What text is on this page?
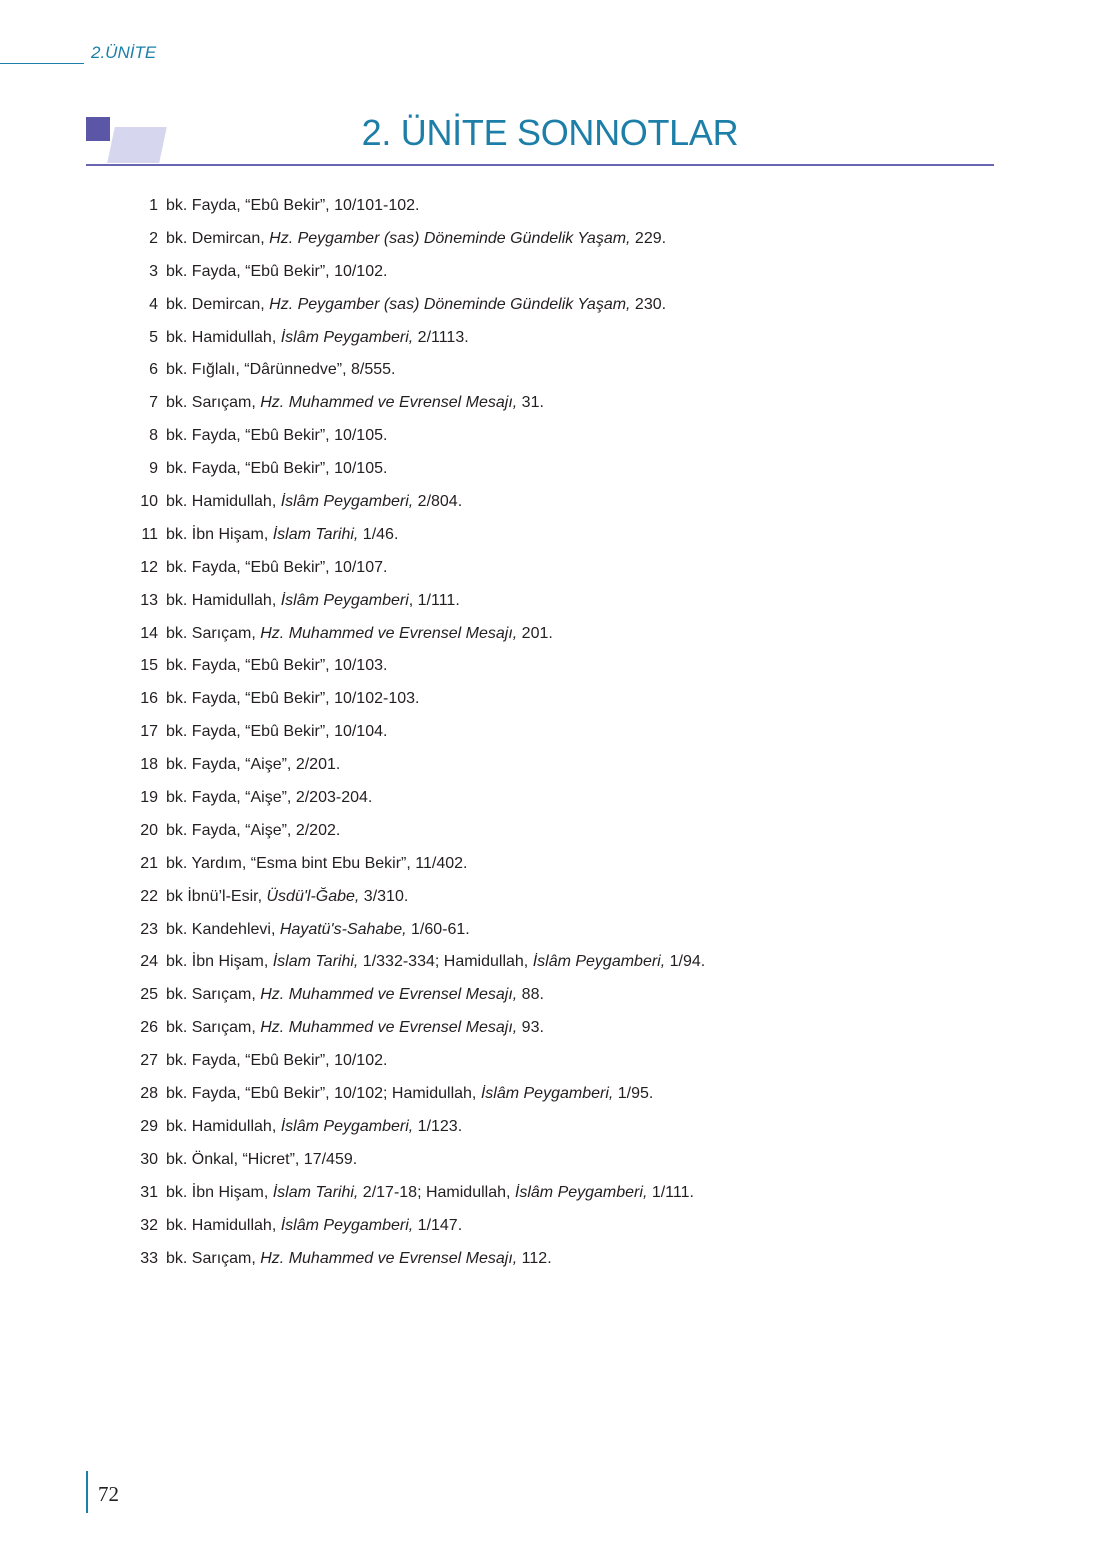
2.ÜNİTE
2. ÜNİTE SONNOTLAR
1 bk. Fayda, “Ebû Bekir”, 10/101-102.
2 bk. Demircan, Hz. Peygamber (sas) Döneminde Gündelik Yaşam, 229.
3 bk. Fayda, “Ebû Bekir”, 10/102.
4 bk. Demircan, Hz. Peygamber (sas) Döneminde Gündelik Yaşam, 230.
5 bk. Hamidullah, İslâm Peygamberi, 2/1113.
6 bk. Fığlalı, “Dârünnedve”, 8/555.
7 bk. Sarıçam, Hz. Muhammed ve Evrensel Mesajı, 31.
8 bk. Fayda, “Ebû Bekir”, 10/105.
9 bk. Fayda, “Ebû Bekir”, 10/105.
10 bk. Hamidullah, İslâm Peygamberi, 2/804.
11 bk. İbn Hişam, İslam Tarihi, 1/46.
12 bk. Fayda, “Ebû Bekir”, 10/107.
13 bk. Hamidullah, İslâm Peygamberi, 1/111.
14 bk. Sarıçam, Hz. Muhammed ve Evrensel Mesajı, 201.
15 bk. Fayda, “Ebû Bekir”, 10/103.
16 bk. Fayda, “Ebû Bekir”, 10/102-103.
17 bk. Fayda, “Ebû Bekir”, 10/104.
18 bk. Fayda, “Aişe”, 2/201.
19 bk. Fayda, “Aişe”, 2/203-204.
20 bk. Fayda, “Aişe”, 2/202.
21 bk. Yardım, “Esma bint Ebu Bekir”, 11/402.
22 bk İbnü’l-Esir, Üsdü'l-Ğabe, 3/310.
23 bk. Kandehlevi, Hayatü's-Sahabe, 1/60-61.
24 bk. İbn Hişam, İslam Tarihi, 1/332-334; Hamidullah, İslâm Peygamberi, 1/94.
25 bk. Sarıçam, Hz. Muhammed ve Evrensel Mesajı, 88.
26 bk. Sarıçam, Hz. Muhammed ve Evrensel Mesajı, 93.
27 bk. Fayda, “Ebû Bekir”, 10/102.
28 bk. Fayda, “Ebû Bekir”, 10/102; Hamidullah, İslâm Peygamberi, 1/95.
29 bk. Hamidullah, İslâm Peygamberi, 1/123.
30 bk. Önkal, “Hicret”, 17/459.
31 bk. İbn Hişam, İslam Tarihi, 2/17-18; Hamidullah, İslâm Peygamberi, 1/111.
32 bk. Hamidullah, İslâm Peygamberi, 1/147.
33 bk. Sarıçam, Hz. Muhammed ve Evrensel Mesajı, 112.
72
